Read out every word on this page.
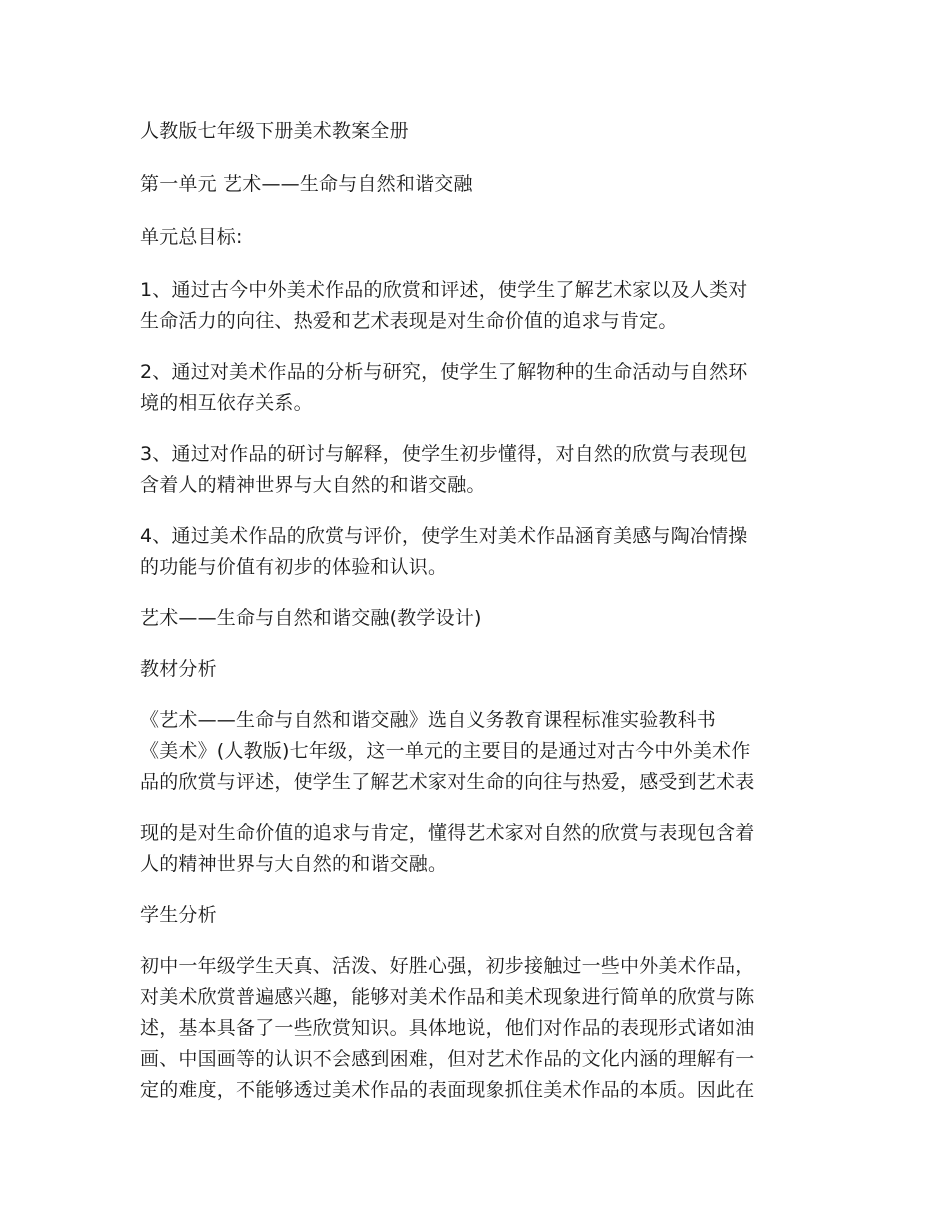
人教版七年级下册美术教案全册
第一单元 艺术——生命与自然和谐交融
单元总目标:
1、通过古今中外美术作品的欣赏和评述，使学生了解艺术家以及人类对
生命活力的向往、热爱和艺术表现是对生命价值的追求与肯定。
2、通过对美术作品的分析与研究，使学生了解物种的生命活动与自然环
境的相互依存关系。
3、通过对作品的研讨与解释，使学生初步懂得，对自然的欣赏与表现包
含着人的精神世界与大自然的和谐交融。
4、通过美术作品的欣赏与评价，使学生对美术作品涵育美感与陶冶情操
的功能与价值有初步的体验和认识。
艺术——生命与自然和谐交融(教学设计)
教材分析
《艺术——生命与自然和谐交融》选自义务教育课程标准实验教科书
《美术》(人教版)七年级，这一单元的主要目的是通过对古今中外美术作
品的欣赏与评述，使学生了解艺术家对生命的向往与热爱，感受到艺术表
现的是对生命价值的追求与肯定，懂得艺术家对自然的欣赏与表现包含着
人的精神世界与大自然的和谐交融。
学生分析
初中一年级学生天真、活泼、好胜心强，初步接触过一些中外美术作品，
对美术欣赏普遍感兴趣，能够对美术作品和美术现象进行简单的欣赏与陈
述，基本具备了一些欣赏知识。具体地说，他们对作品的表现形式诸如油
画、中国画等的认识不会感到困难，但对艺术作品的文化内涵的理解有一
定的难度，不能够透过美术作品的表面现象抓住美术作品的本质。因此在
